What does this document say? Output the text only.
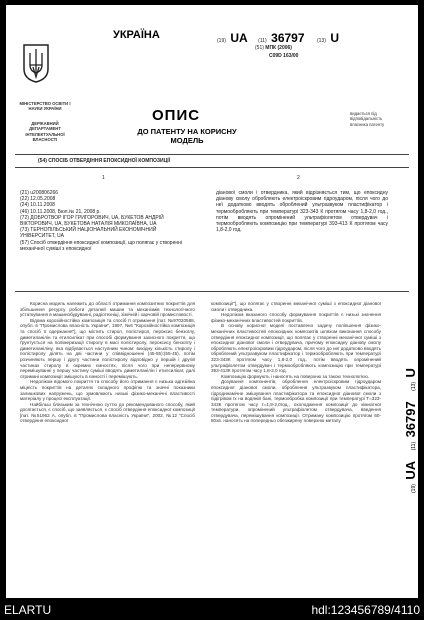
УКРАЇНА	(19) UA (11) 36797 (13) U
(51) МПК (2006)
C09D 163/00
МІНІСТЕРСТВО ОСВІТИ І НАУКИ УКРАЇНИ
ДЕРЖАВНИЙ ДЕПАРТАМЕНТ ІНТЕЛЕКТУАЛЬНОЇ ВЛАСНОСТІ
ОПИС
ДО ПАТЕНТУ НА КОРИСНУ МОДЕЛЬ
видається під відповідальність власника патенту
(54) СПОСІБ ОТВЕРДІННЯ ЕПОКСИДНОЇ КОМПОЗИЦІЇ
1	2
(21) u200806266
(22) 12.05.2008
(24) 10.11.2008
(46) 10.11.2008, Бюл.№ 21, 2008 р.
(72) ДОБРОТВОР ІГОР ГРИГОРОВИЧ, UA, БУКЕТОВ АНДРІЙ ВІКТОРОВИЧ, UA, БУКЕТОВА НАТАЛІЯ МИКОЛАЇВНА, UA
(73) ТЕРНОПІЛЬСЬКИЙ НАЦІОНАЛЬНИЙ ЕКОНОМІЧНИЙ УНІВЕРСИТЕТ, UA
(57) Спосіб отвердіння епоксидної композиції, що полягає у створенні механічної суміші з епоксидної
діанової смоли і отвердника, який відрізняється тим, що епоксидну діанову смолу обробляють електроіскровим гідроударом, після чого до неї додатково вводять оброблений ультразвуком пластифікатор і термообробляють при температурі 323-343 К протягом часу 1,8-2,0 год., потім вводять опромінений ультрафіолетом отвердувач і термообробляють композицію при температурі 393-413 К протягом часу 1,8-2,0 год.

Корисна модель належить до області отримання композитних покриттів для збільшення ресурсу роботи деталей машин та механізмів технологічного устаткування в машинобудуванні, радіотехніці, хімічній і харчовій промисловості.

Відома корозійностійка композиція та спосіб її отримання [пат. №97020588, опубл. в "Промислова власність України", 1997, №6 "Корозійностійка композиція та спосіб її одержання"], що містить стирол, полістирол, пероксис бензоїлу, диметиланілін та етилсилікат при способі формування захисного покриття, що ґрунтується на полімеризації стиролу в масі полістиролу, пероксису бензоїлу і диметиланіліну, яка відбувається наступним чином: вихідну кількість стиролу і полістиролу ділять на дві частини у співвідношенні (45-55):(55-45), потім розчиняють першу і другу частини полістиролу відповідно у першій і другій частинах стиролу в окремих ємностях, після чого при неперервному перемішуванні у першу частину суміші вводять диметиланілін і етилсилікат, далі отримані композиції змішують в ємності і перемішують.

Недоліком відомого покриття та способу його отримання є низька адгезійна міцність покриттів на деталях складного профілю та значні показники залишкових напружень, що зумовлюють низькі фізико-механічні властивості матеріалу у процесі експлуатації.

Найбільш близьким за технічною суттю до рекомендованого способу, який досягається, є спосіб, що заявляється, є спосіб отвердіння епоксидної композиції [пат. №51962 А, опубл. в "Промислова власність України", 2002, №12 "Спосіб отвердіння епоксидної

композиції"], що полягає у створенні механічної суміші з епоксидної діанової смоли і отвердника.

Недоліком вказаного способу формування покриттів є низькі значення фізико-механічних властивостей покриттів.

В основу корисної моделі поставлено задачу поліпшення фізико-механічних властивостей епоксидних композитів шляхом виконання способу отвердіння епоксидної композиції, що полягає у створенні механічної суміші з епоксидної діанової смоли і отвердувача, причому епоксидну діанову смолу обробляють електроіскровим гідроударом, після чого до неї додатково вводять оброблений ультразвуком пластифікатор і термообробляють при температурі 323-343К протягом часу 1,8-2,0 год., потім вводять опромінений ультрафіолетом отвердувач і термообробляють композицію при температурі 393-413К протягом часу 1,8-2,0 год.

Композицію формують і наносять на поверхню за такою технологією.

Дозування компонентів, оброблення електроіскровим гідроударом епоксидної діанової смоли, оброблення ультразвуком пластифікатора, гідродинамічне змішування пластифікатора та епоксидної діанової смоли з підігрівом їх на водяній бані, термообробка композиції при температурі Т=323-343К протягом часу τ=1,8-2,0год., охолодження композиції до кімнатної температури, опромінений ультрафіолетом отвердувача, введення отвердувача, перемішування композиції. Отриману композицію протягом 60-80хв. наносять на попередньо обезжирену поверхню металу

(19) UA (11) 36797 (13) U
ELARTU	hdl:123456789/4110
